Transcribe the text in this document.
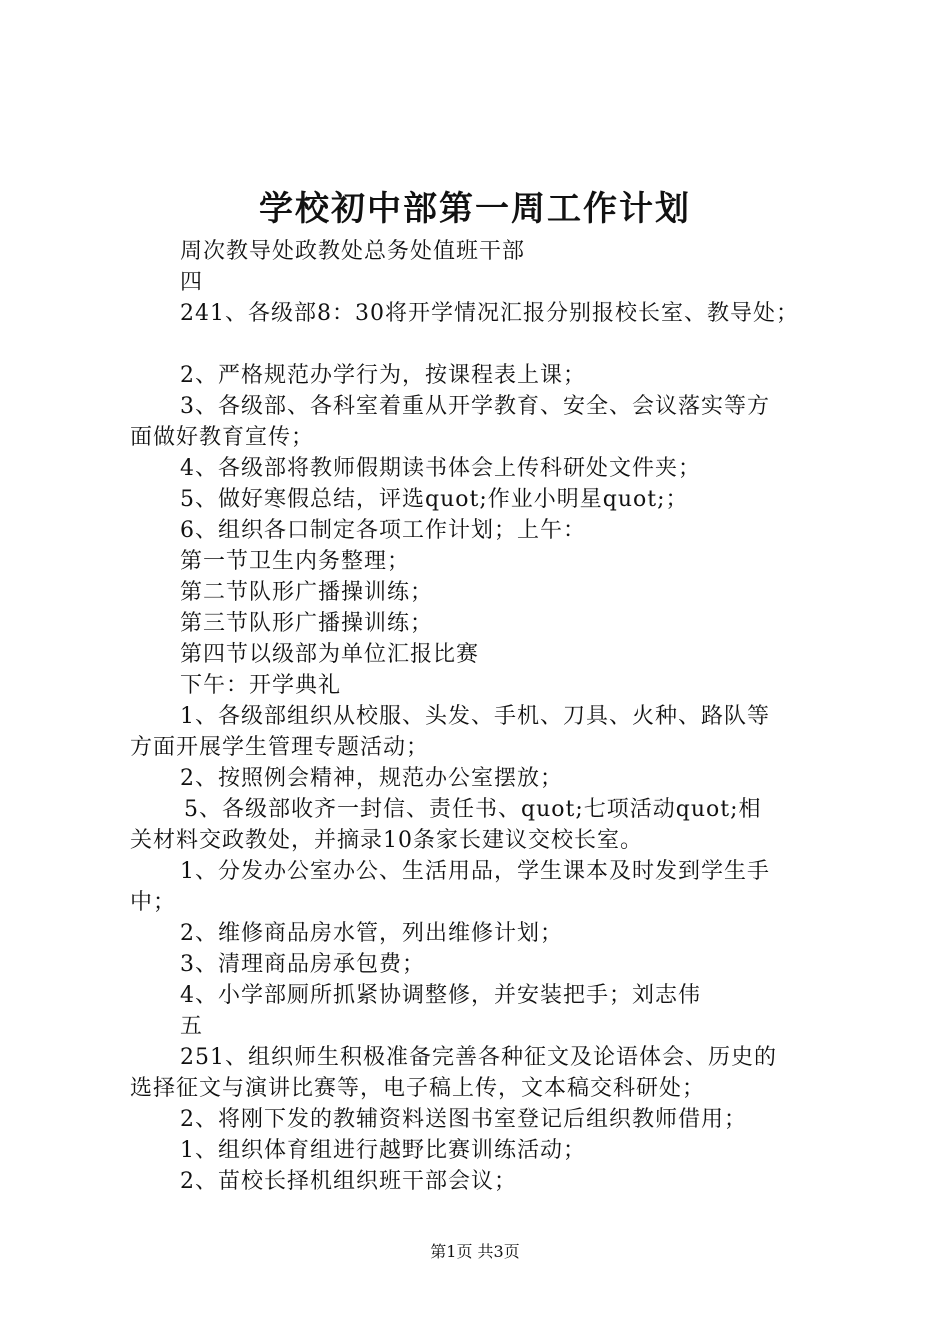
学校初中部第一周工作计划
周次教导处政教处总务处值班干部
四
241、各级部8：30将开学情况汇报分别报校长室、教导处；
2、严格规范办学行为，按课程表上课；
3、各级部、各科室着重从开学教育、安全、会议落实等方
面做好教育宣传；
4、各级部将教师假期读书体会上传科研处文件夹；
5、做好寒假总结，评选quot;作业小明星quot;；
6、组织各口制定各项工作计划；上午：
第一节卫生内务整理；
第二节队形广播操训练；
第三节队形广播操训练；
第四节以级部为单位汇报比赛
下午：开学典礼
1、各级部组织从校服、头发、手机、刀具、火种、路队等
方面开展学生管理专题活动；
2、按照例会精神，规范办公室摆放；
5、各级部收齐一封信、责任书、quot;七项活动quot;相
关材料交政教处，并摘录10条家长建议交校长室。
1、分发办公室办公、生活用品，学生课本及时发到学生手
中；
2、维修商品房水管，列出维修计划；
3、清理商品房承包费；
4、小学部厕所抓紧协调整修，并安装把手；刘志伟
五
251、组织师生积极准备完善各种征文及论语体会、历史的
选择征文与演讲比赛等，电子稿上传，文本稿交科研处；
2、将刚下发的教辅资料送图书室登记后组织教师借用；
1、组织体育组进行越野比赛训练活动；
2、苗校长择机组织班干部会议；
第1页 共3页
